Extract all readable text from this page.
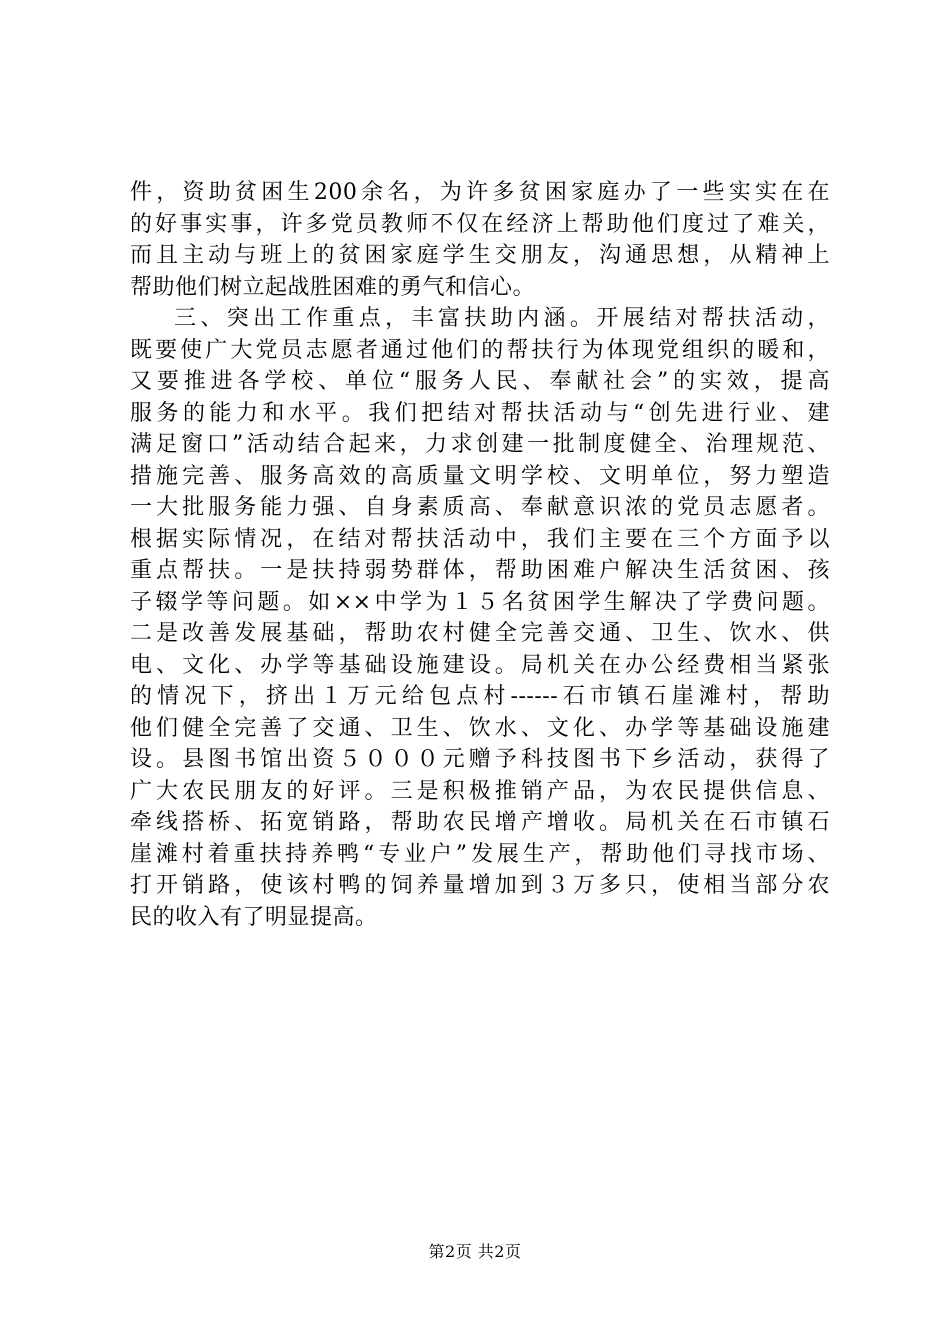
件，资助贫困生200余名，为许多贫困家庭办了一些实实在在
的好事实事，许多党员教师不仅在经济上帮助他们度过了难关，
而且主动与班上的贫困家庭学生交朋友，沟通思想，从精神上
帮助他们树立起战胜困难的勇气和信心。
三、突出工作重点，丰富扶助内涵。开展结对帮扶活动，
既要使广大党员志愿者通过他们的帮扶行为体现党组织的暖和，
又要推进各学校、单位“服务人民、奉献社会”的实效，提高
服务的能力和水平。我们把结对帮扶活动与“创先进行业、建
满足窗口”活动结合起来，力求创建一批制度健全、治理规范、
措施完善、服务高效的高质量文明学校、文明单位，努力塑造
一大批服务能力强、自身素质高、奉献意识浓的党员志愿者。
根据实际情况，在结对帮扶活动中，我们主要在三个方面予以
重点帮扶。一是扶持弱势群体，帮助困难户解决生活贫困、孩
子辍学等问题。如××中学为１５名贫困学生解决了学费问题。
二是改善发展基础，帮助农村健全完善交通、卫生、饮水、供
电、文化、办学等基础设施建设。局机关在办公经费相当紧张
的情况下，挤出１万元给包点村------石市镇石崖滩村，帮助
他们健全完善了交通、卫生、饮水、文化、办学等基础设施建
设。县图书馆出资５０００元赠予科技图书下乡活动，获得了
广大农民朋友的好评。三是积极推销产品，为农民提供信息、
牵线搭桥、拓宽销路，帮助农民增产增收。局机关在石市镇石
崖滩村着重扶持养鸭“专业户”发展生产，帮助他们寻找市场、
打开销路，使该村鸭的饲养量增加到３万多只，使相当部分农
民的收入有了明显提高。
第2页 共2页
